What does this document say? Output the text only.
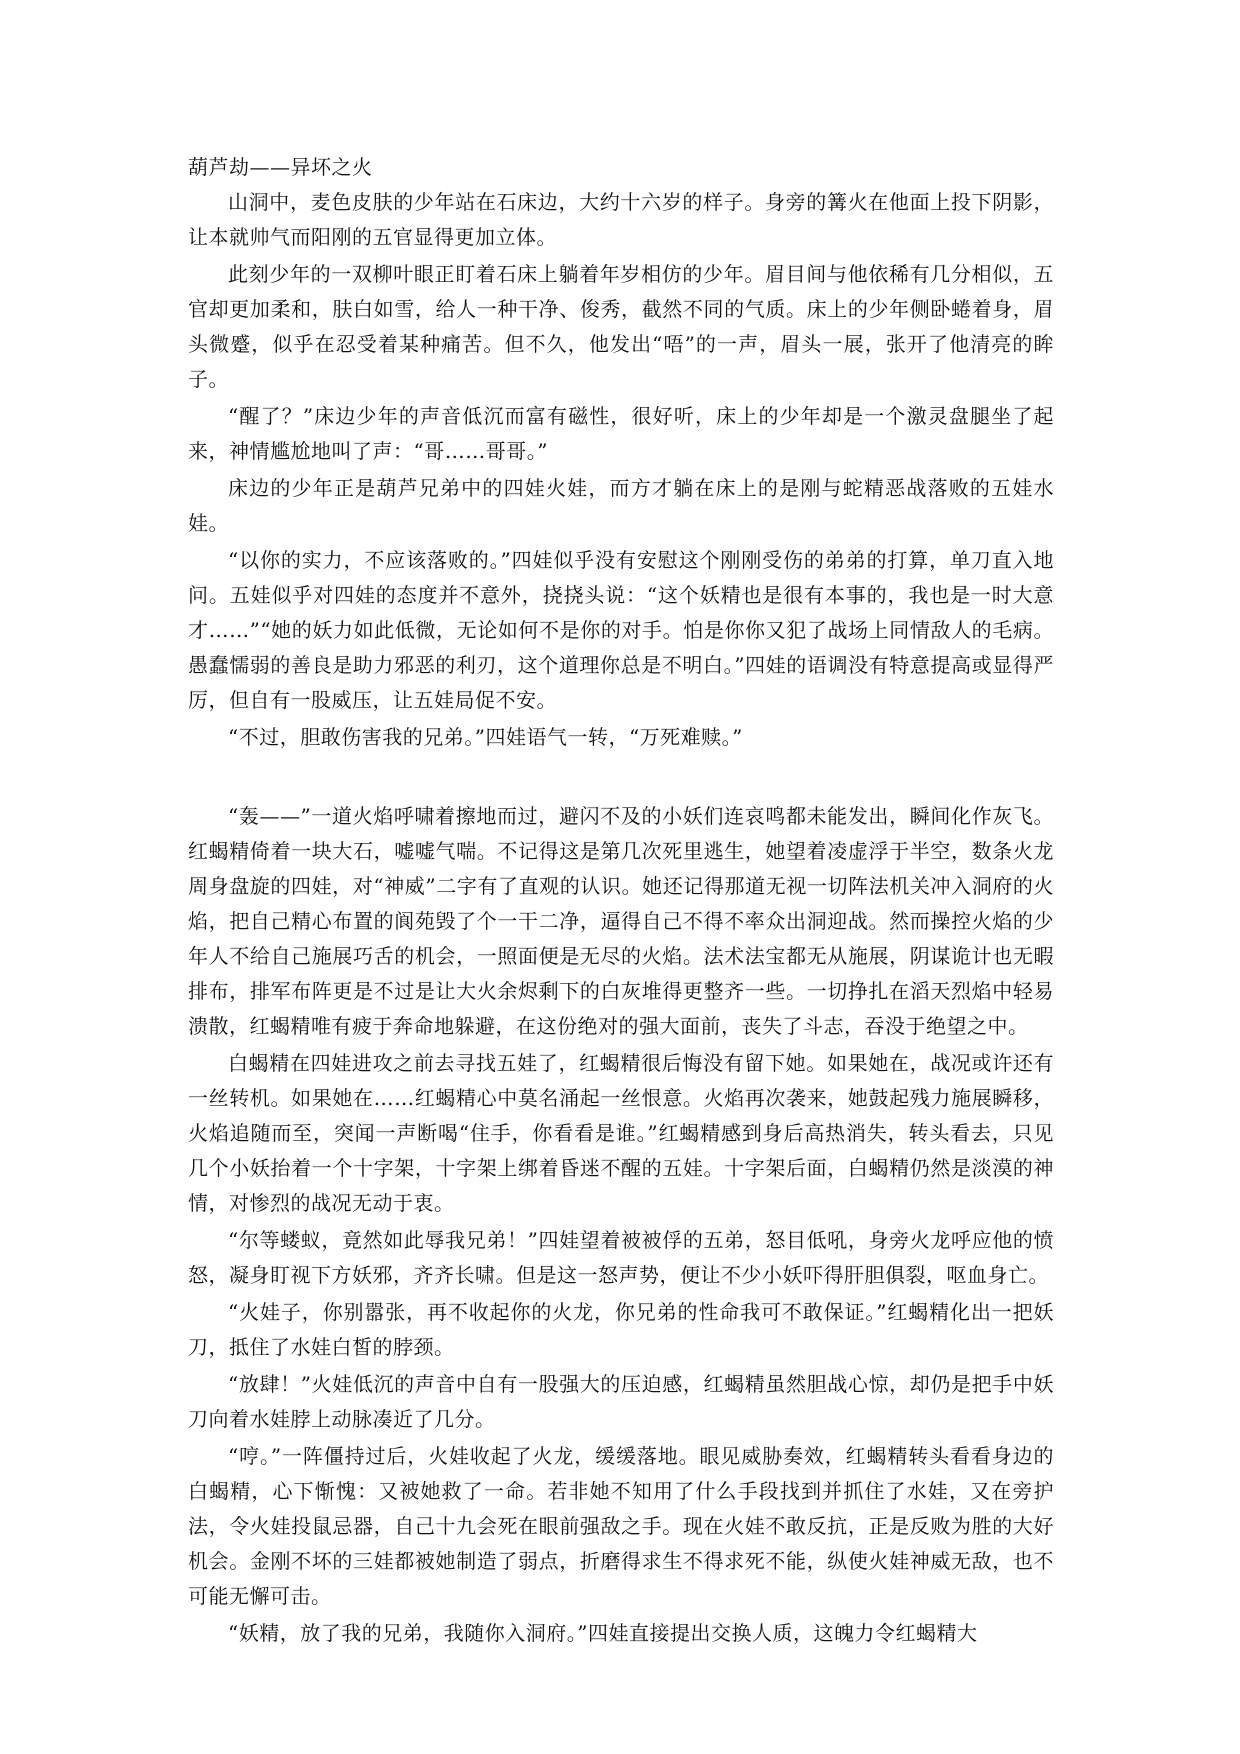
葫芦劫——异坏之火

山洞中，麦色皮肤的少年站在石床边，大约十六岁的样子。身旁的篝火在他面上投下阴影，让本就帅气而阳刚的五官显得更加立体。

此刻少年的一双柳叶眼正盯着石床上躺着年岁相仿的少年。眉目间与他依稀有几分相似，五官却更加柔和，肤白如雪，给人一种干净、俊秀，截然不同的气质。床上的少年侧卧蜷着身，眉头微蹙，似乎在忍受着某种痛苦。但不久，他发出“唔”的一声，眉头一展，张开了他清亮的眸子。

“醒了？”床边少年的声音低沉而富有磁性，很好听，床上的少年却是一个激灵盘腿坐了起来，神情尴尬地叫了声：“哥……哥哥。”

床边的少年正是葫芦兄弟中的四娃火娃，而方才躺在床上的是刚与蛇精恶战落败的五娃水娃。

“以你的实力，不应该落败的。”四娃似乎没有安慰这个刚刚受伤的弟弟的打算，单刀直入地问。五娃似乎对四娃的态度并不意外，挠挠头说：“这个妖精也是很有本事的，我也是一时大意才……”“她的妖力如此低微，无论如何不是你的对手。怕是你你又犯了战场上同情敌人的毛病。愚蠢懦弱的善良是助力邪恶的利刃，这个道理你总是不明白。”四娃的语调没有特意提高或显得严厉，但自有一股威压，让五娃局促不安。

“不过，胆敢伤害我的兄弟。”四娃语气一转，“万死难赎。”

“轰——”一道火焰呼啸着擦地而过，避闪不及的小妖们连哀鸣都未能发出，瞬间化作灰飞。红蝎精倚着一块大石，嘘嘘气喘。不记得这是第几次死里逃生，她望着凌虚浮于半空，数条火龙周身盘旋的四娃，对“神威”二字有了直观的认识。她还记得那道无视一切阵法机关冲入洞府的火焰，把自己精心布置的阆苑毁了个一干二净，逼得自己不得不率众出洞迎战。然而操控火焰的少年人不给自己施展巧舌的机会，一照面便是无尽的火焰。法术法宝都无从施展，阴谋诡计也无暇排布，排军布阵更是不过是让大火余烬剩下的白灰堆得更整齐一些。一切挣扎在滔天烈焰中轻易溃散，红蝎精唯有疲于奔命地躲避，在这份绝对的强大面前，丧失了斗志，吞没于绝望之中。

白蝎精在四娃进攻之前去寻找五娃了，红蝎精很后悔没有留下她。如果她在，战况或许还有一丝转机。如果她在……红蝎精心中莫名涌起一丝恨意。火焰再次袭来，她鼓起残力施展瞬移，火焰追随而至，突闻一声断喝“住手，你看看是谁。”红蝎精感到身后高热消失，转头看去，只见几个小妖抬着一个十字架，十字架上绑着昏迷不醒的五娃。十字架后面，白蝎精仍然是淡漠的神情，对惨烈的战况无动于衷。

“尔等蝼蚁，竟然如此辱我兄弟！”四娃望着被被俘的五弟，怒目低吼，身旁火龙呼应他的愤怒，凝身盯视下方妖邪，齐齐长啸。但是这一怒声势，便让不少小妖吓得肝胆俱裂，呕血身亡。

“火娃子，你别嚣张，再不收起你的火龙，你兄弟的性命我可不敢保证。”红蝎精化出一把妖刀，抵住了水娃白皙的脖颈。

“放肆！”火娃低沉的声音中自有一股强大的压迫感，红蝎精虽然胆战心惊，却仍是把手中妖刀向着水娃脖上动脉凑近了几分。

“哼。”一阵僵持过后，火娃收起了火龙，缓缓落地。眼见威胁奏效，红蝎精转头看看身边的白蝎精，心下惭愧：又被她救了一命。若非她不知用了什么手段找到并抓住了水娃，又在旁护法，令火娃投鼠忌器，自己十九会死在眼前强敌之手。现在火娃不敢反抗，正是反败为胜的大好机会。金刚不坏的三娃都被她制造了弱点，折磨得求生不得求死不能，纵使火娃神威无敌，也不可能无懈可击。

“妖精，放了我的兄弟，我随你入洞府。”四娃直接提出交换人质，这魄力令红蝎精大
